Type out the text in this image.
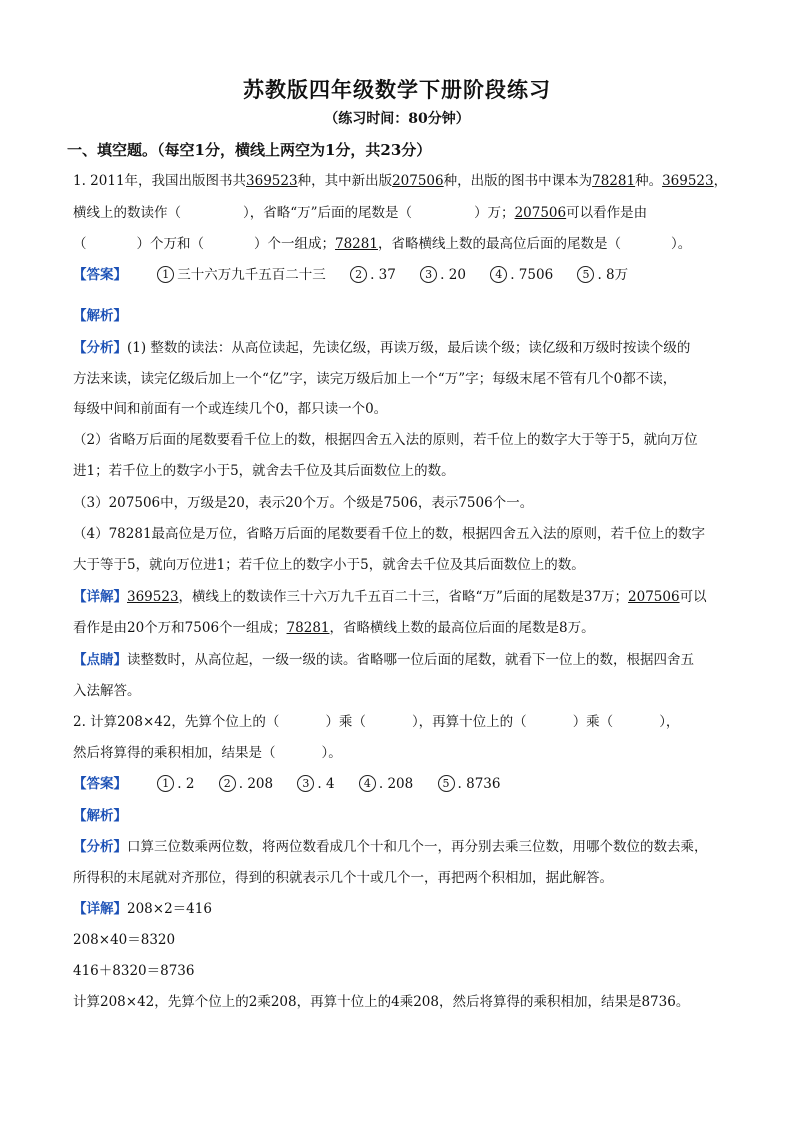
苏教版四年级数学下册阶段练习
（练习时间：80分钟）
一、填空题。（每空1分，横线上两空为1分，共23分）
1. 2011年，我国出版图书共369523种，其中新出版207506种，出版的图书中课本为78281种。369523，
横线上的数读作（	），省略“万”后面的尾数是（	）万；207506可以看作是由
（	）个万和（	）个一组成；78281，省略横线上数的最高位后面的尾数是（	）。
【答案】	1 三十六万九千五百二十三	2 . 37	3 . 20	4 . 7506	5 . 8万
【解析】
【分析】(1) 整数的读法：从高位读起，先读亿级，再读万级，最后读个级；读亿级和万级时按读个级的
方法来读，读完亿级后加上一个“亿”字，读完万级后加上一个“万”字；每级末尾不管有几个0都不读，
每级中间和前面有一个或连续几个0，都只读一个0。
（2）省略万后面的尾数要看千位上的数，根据四舍五入法的原则，若千位上的数字大于等于5，就向万位
进1；若千位上的数字小于5，就舍去千位及其后面数位上的数。
（3）207506中，万级是20，表示20个万。个级是7506，表示7506个一。
（4）78281最高位是万位，省略万后面的尾数要看千位上的数，根据四舍五入法的原则，若千位上的数字
大于等于5，就向万位进1；若千位上的数字小于5，就舍去千位及其后面数位上的数。
【详解】369523，横线上的数读作三十六万九千五百二十三，省略“万”后面的尾数是37万；207506可以
看作是由20个万和7506个一组成；78281，省略横线上数的最高位后面的尾数是8万。
【点睛】读整数时，从高位起，一级一级的读。省略哪一位后面的尾数，就看下一位上的数，根据四舍五
入法解答。
2. 计算208×42，先算个位上的（	）乘（	），再算十位上的（	）乘（	），
然后将算得的乘积相加，结果是（	）。
【答案】	1 . 2	2 . 208	3 . 4	4 . 208	5 . 8736
【解析】
【分析】口算三位数乘两位数，将两位数看成几个十和几个一，再分别去乘三位数，用哪个数位的数去乘，
所得积的末尾就对齐那位，得到的积就表示几个十或几个一，再把两个积相加，据此解答。
【详解】208×2＝416
208×40＝8320
416＋8320＝8736
计算208×42，先算个位上的2乘208，再算十位上的4乘208，然后将算得的乘积相加，结果是8736。
